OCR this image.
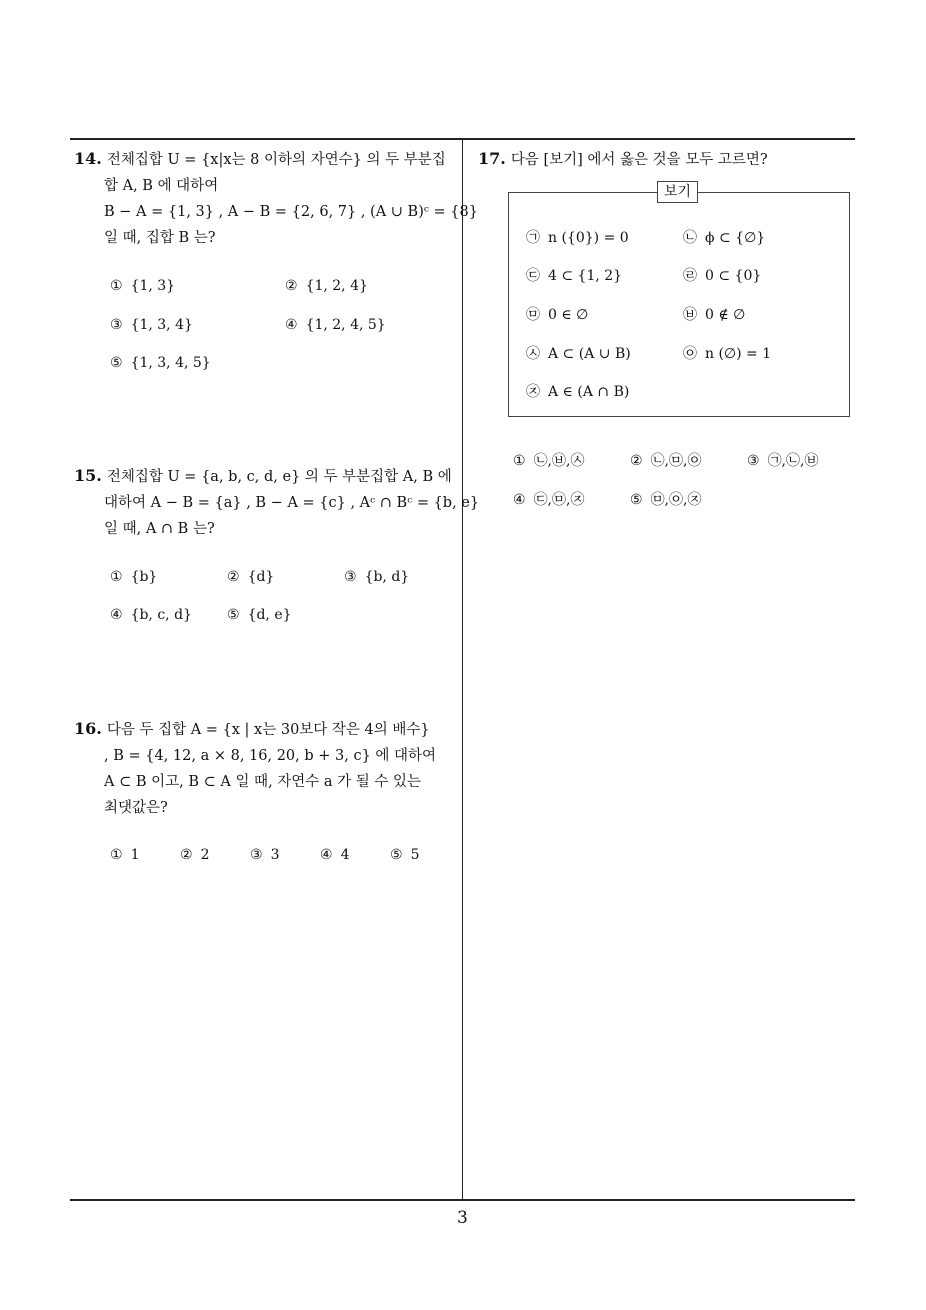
14. 전체집합 U = {x|x는 8 이하의 자연수} 의 두 부분집
합 A, B 에 대하여
B − A = {1, 3} , A − B = {2, 6, 7} , (A ∪ B)ᶜ = {8}
일 때, 집합 B 는?
① {1, 3}	② {1, 2, 4}
③ {1, 3, 4}	④ {1, 2, 4, 5}
⑤ {1, 3, 4, 5}
15. 전체집합 U = {a, b, c, d, e} 의 두 부분집합 A, B 에
대하여 A − B = {a} , B − A = {c} , Aᶜ ∩ Bᶜ = {b, e}
일 때, A ∩ B 는?
① {b}	② {d}	③ {b, d}
④ {b, c, d}	⑤ {d, e}
16. 다음 두 집합 A = {x | x는 30보다 작은 4의 배수}
, B = {4, 12, a × 8, 16, 20, b + 3, c} 에 대하여
A ⊂ B 이고, B ⊂ A 일 때, 자연수 a 가 될 수 있는
최댓값은?
① 1	② 2	③ 3	④ 4	⑤ 5
17. 다음 [보기] 에서 옳은 것을 모두 고르면?
보기
㉠ n ({0}) = 0	㉡ ϕ ⊂ {∅}
㉢ 4 ⊂ {1, 2}	㉣ 0 ⊂ {0}
㉤ 0 ∈ ∅	㉥ 0 ∉ ∅
㉦ A ⊂ (A ∪ B)	㉧ n (∅) = 1
㉨ A ∈ (A ∩ B)
① ㉡,㉥,㉦	② ㉡,㉤,㉧	③ ㉠,㉡,㉥
④ ㉢,㉤,㉨	⑤ ㉤,㉧,㉨
3
